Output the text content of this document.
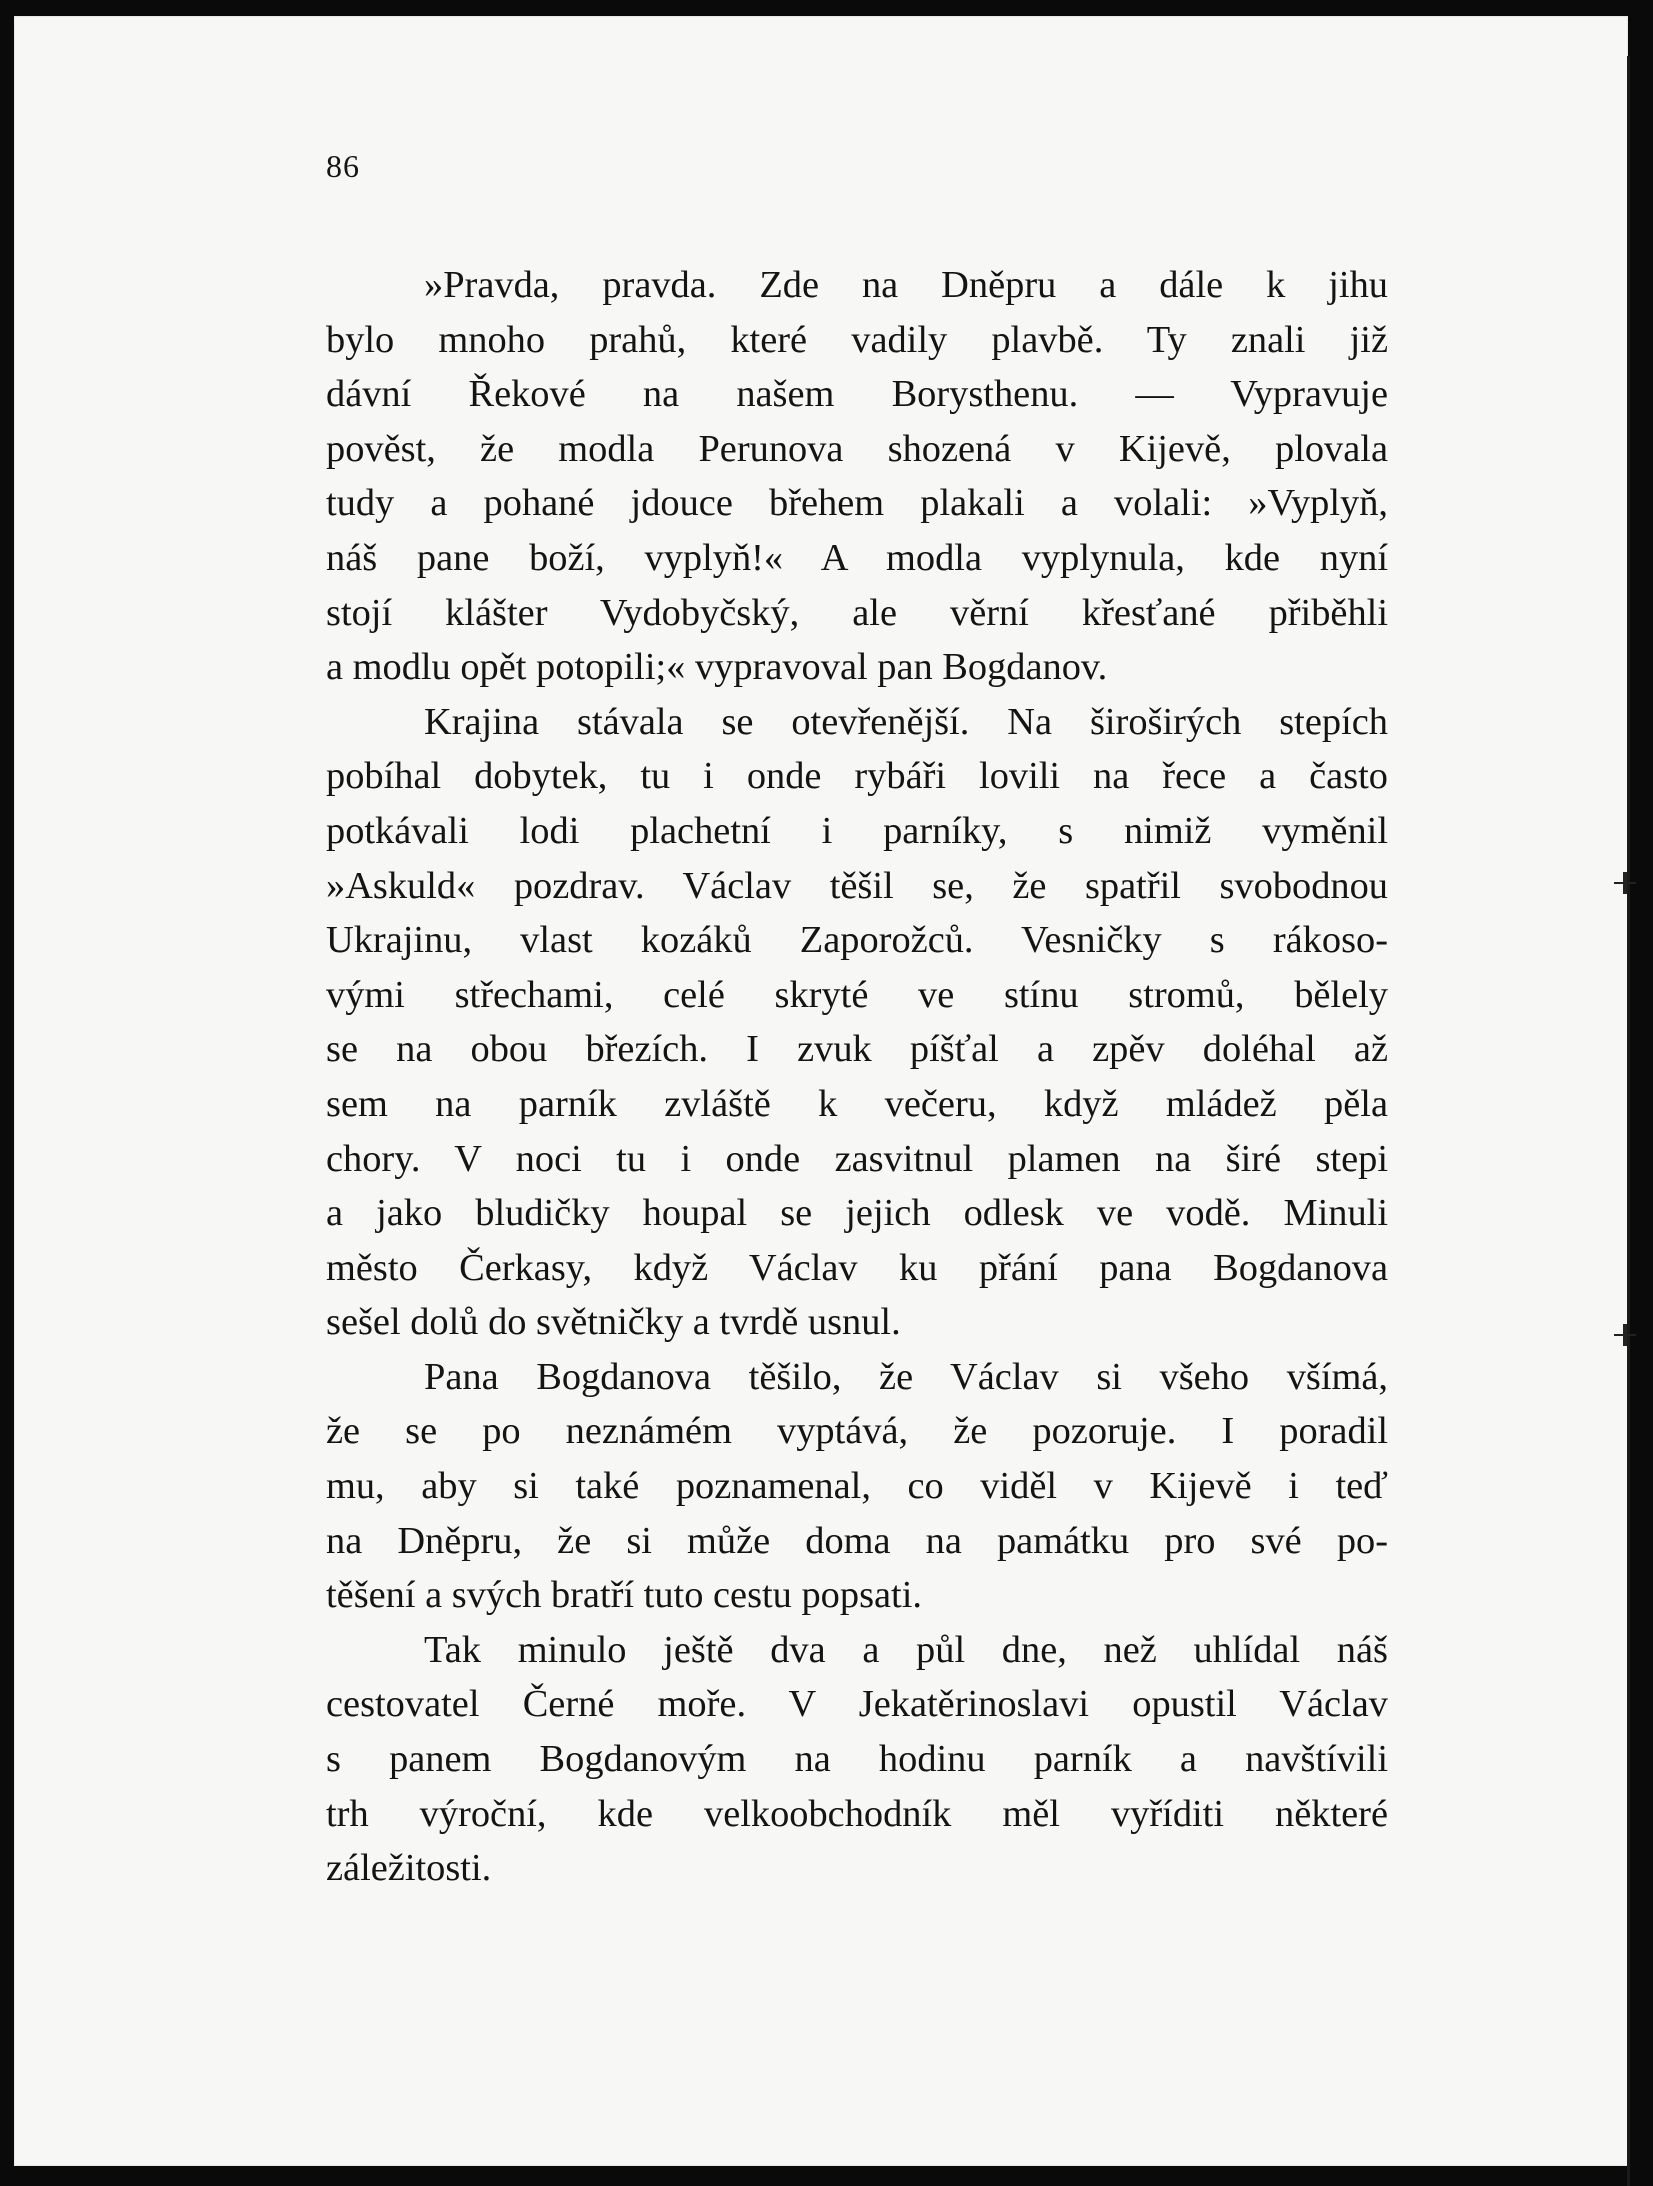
86

»Pravda, pravda. Zde na Dněpru a dále k jihu
bylo mnoho prahů, které vadily plavbě. Ty znali již
dávní Řekové na našem Borysthenu. — Vypravuje
pověst, že modla Perunova shozená v Kijevě, plovala
tudy a pohané jdouce břehem plakali a volali: »Vyplyň,
náš pane boží, vyplyň!« A modla vyplynula, kde nyní
stojí klášter Vydobyčský, ale věrní křesťané přiběhli
a modlu opět potopili;« vypravoval pan Bogdanov.

Krajina stávala se otevřenější. Na široširých stepích
pobíhal dobytek, tu i onde rybáři lovili na řece a často
potkávali lodi plachetní i parníky, s nimiž vyměnil
»Askuld« pozdrav. Václav těšil se, že spatřil svobodnou
Ukrajinu, vlast kozáků Zaporožců. Vesničky s rákoso-
vými střechami, celé skryté ve stínu stromů, bělely
se na obou březích. I zvuk píšťal a zpěv doléhal až
sem na parník zvláště k večeru, když mládež pěla
chory. V noci tu i onde zasvitnul plamen na širé stepi
a jako bludičky houpal se jejich odlesk ve vodě. Minuli
město Čerkasy, když Václav ku přání pana Bogdanova
sešel dolů do světničky a tvrdě usnul.

Pana Bogdanova těšilo, že Václav si všeho všímá,
že se po neznámém vyptává, že pozoruje. I poradil
mu, aby si také poznamenal, co viděl v Kijevě i teď
na Dněpru, že si může doma na památku pro své po-
těšení a svých bratří tuto cestu popsati.

Tak minulo ještě dva a půl dne, než uhlídal náš
cestovatel Černé moře. V Jekatěrinoslavi opustil Václav
s panem Bogdanovým na hodinu parník a navštívili
trh výroční, kde velkoobchodník měl vyříditi některé
záležitosti.
